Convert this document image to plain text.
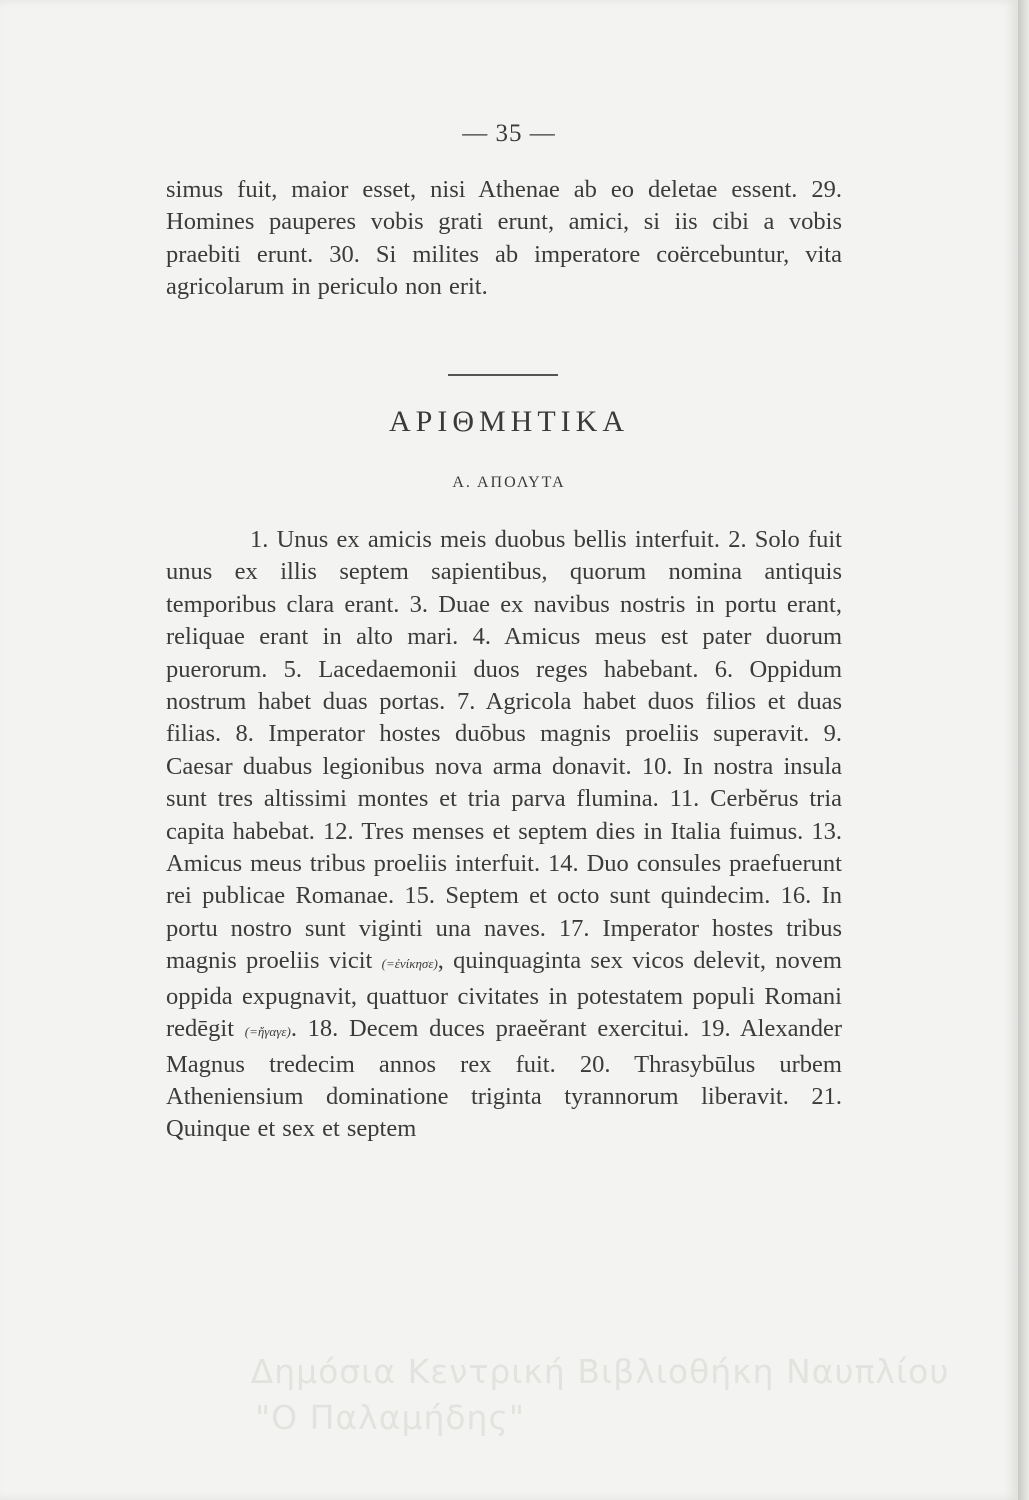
— 35 —
simus fuit, maior esset, nisi Athenae ab eo deletae essent. 29. Homines pauperes vobis grati erunt, amici, si iis cibi a vobis praebiti erunt. 30. Si milites ab imperatore coërcebuntur, vita agricolarum in periculo non erit.
ΑΡΙΘΜΗΤΙΚΑ
Α. ΑΠΟΛΥΤΑ
1. Unus ex amicis meis duobus bellis interfuit. 2. Solo fuit unus ex illis septem sapientibus, quorum nomina antiquis temporibus clara erant. 3. Duae ex navibus nostris in portu erant, reliquae erant in alto mari. 4. Amicus meus est pater duorum puerorum. 5. Lacedaemonii duos reges habebant. 6. Oppidum nostrum habet duas portas. 7. Agricola habet duos filios et duas filias. 8. Imperator hostes duōbus magnis proeliis superavit. 9. Caesar duabus legionibus nova arma donavit. 10. In nostra insula sunt tres altissimi montes et tria parva flumina. 11. Cerbĕrus tria capita habebat. 12. Tres menses et septem dies in Italia fuimus. 13. Amicus meus tribus proeliis interfuit. 14. Duo consules praefuerunt rei publicae Romanae. 15. Septem et octo sunt quindecim. 16. In portu nostro sunt viginti una naves. 17. Imperator hostes tribus magnis proeliis vicit (=ἐνίκησε), quinquaginta sex vicos delevit, novem oppida expugnavit, quattuor civitates in potestatem populi Romani redēgit (=ἤγαγε). 18. Decem duces praeĕrant exercitui. 19. Alexander Magnus tredecim annos rex fuit. 20. Thrasybūlus urbem Atheniensium dominatione triginta tyrannorum liberavit. 21. Quinque et sex et septem
Δημόσια Κεντρική Βιβλιοθήκη Ναυπλίου
"Ο Παλαμήδης"
